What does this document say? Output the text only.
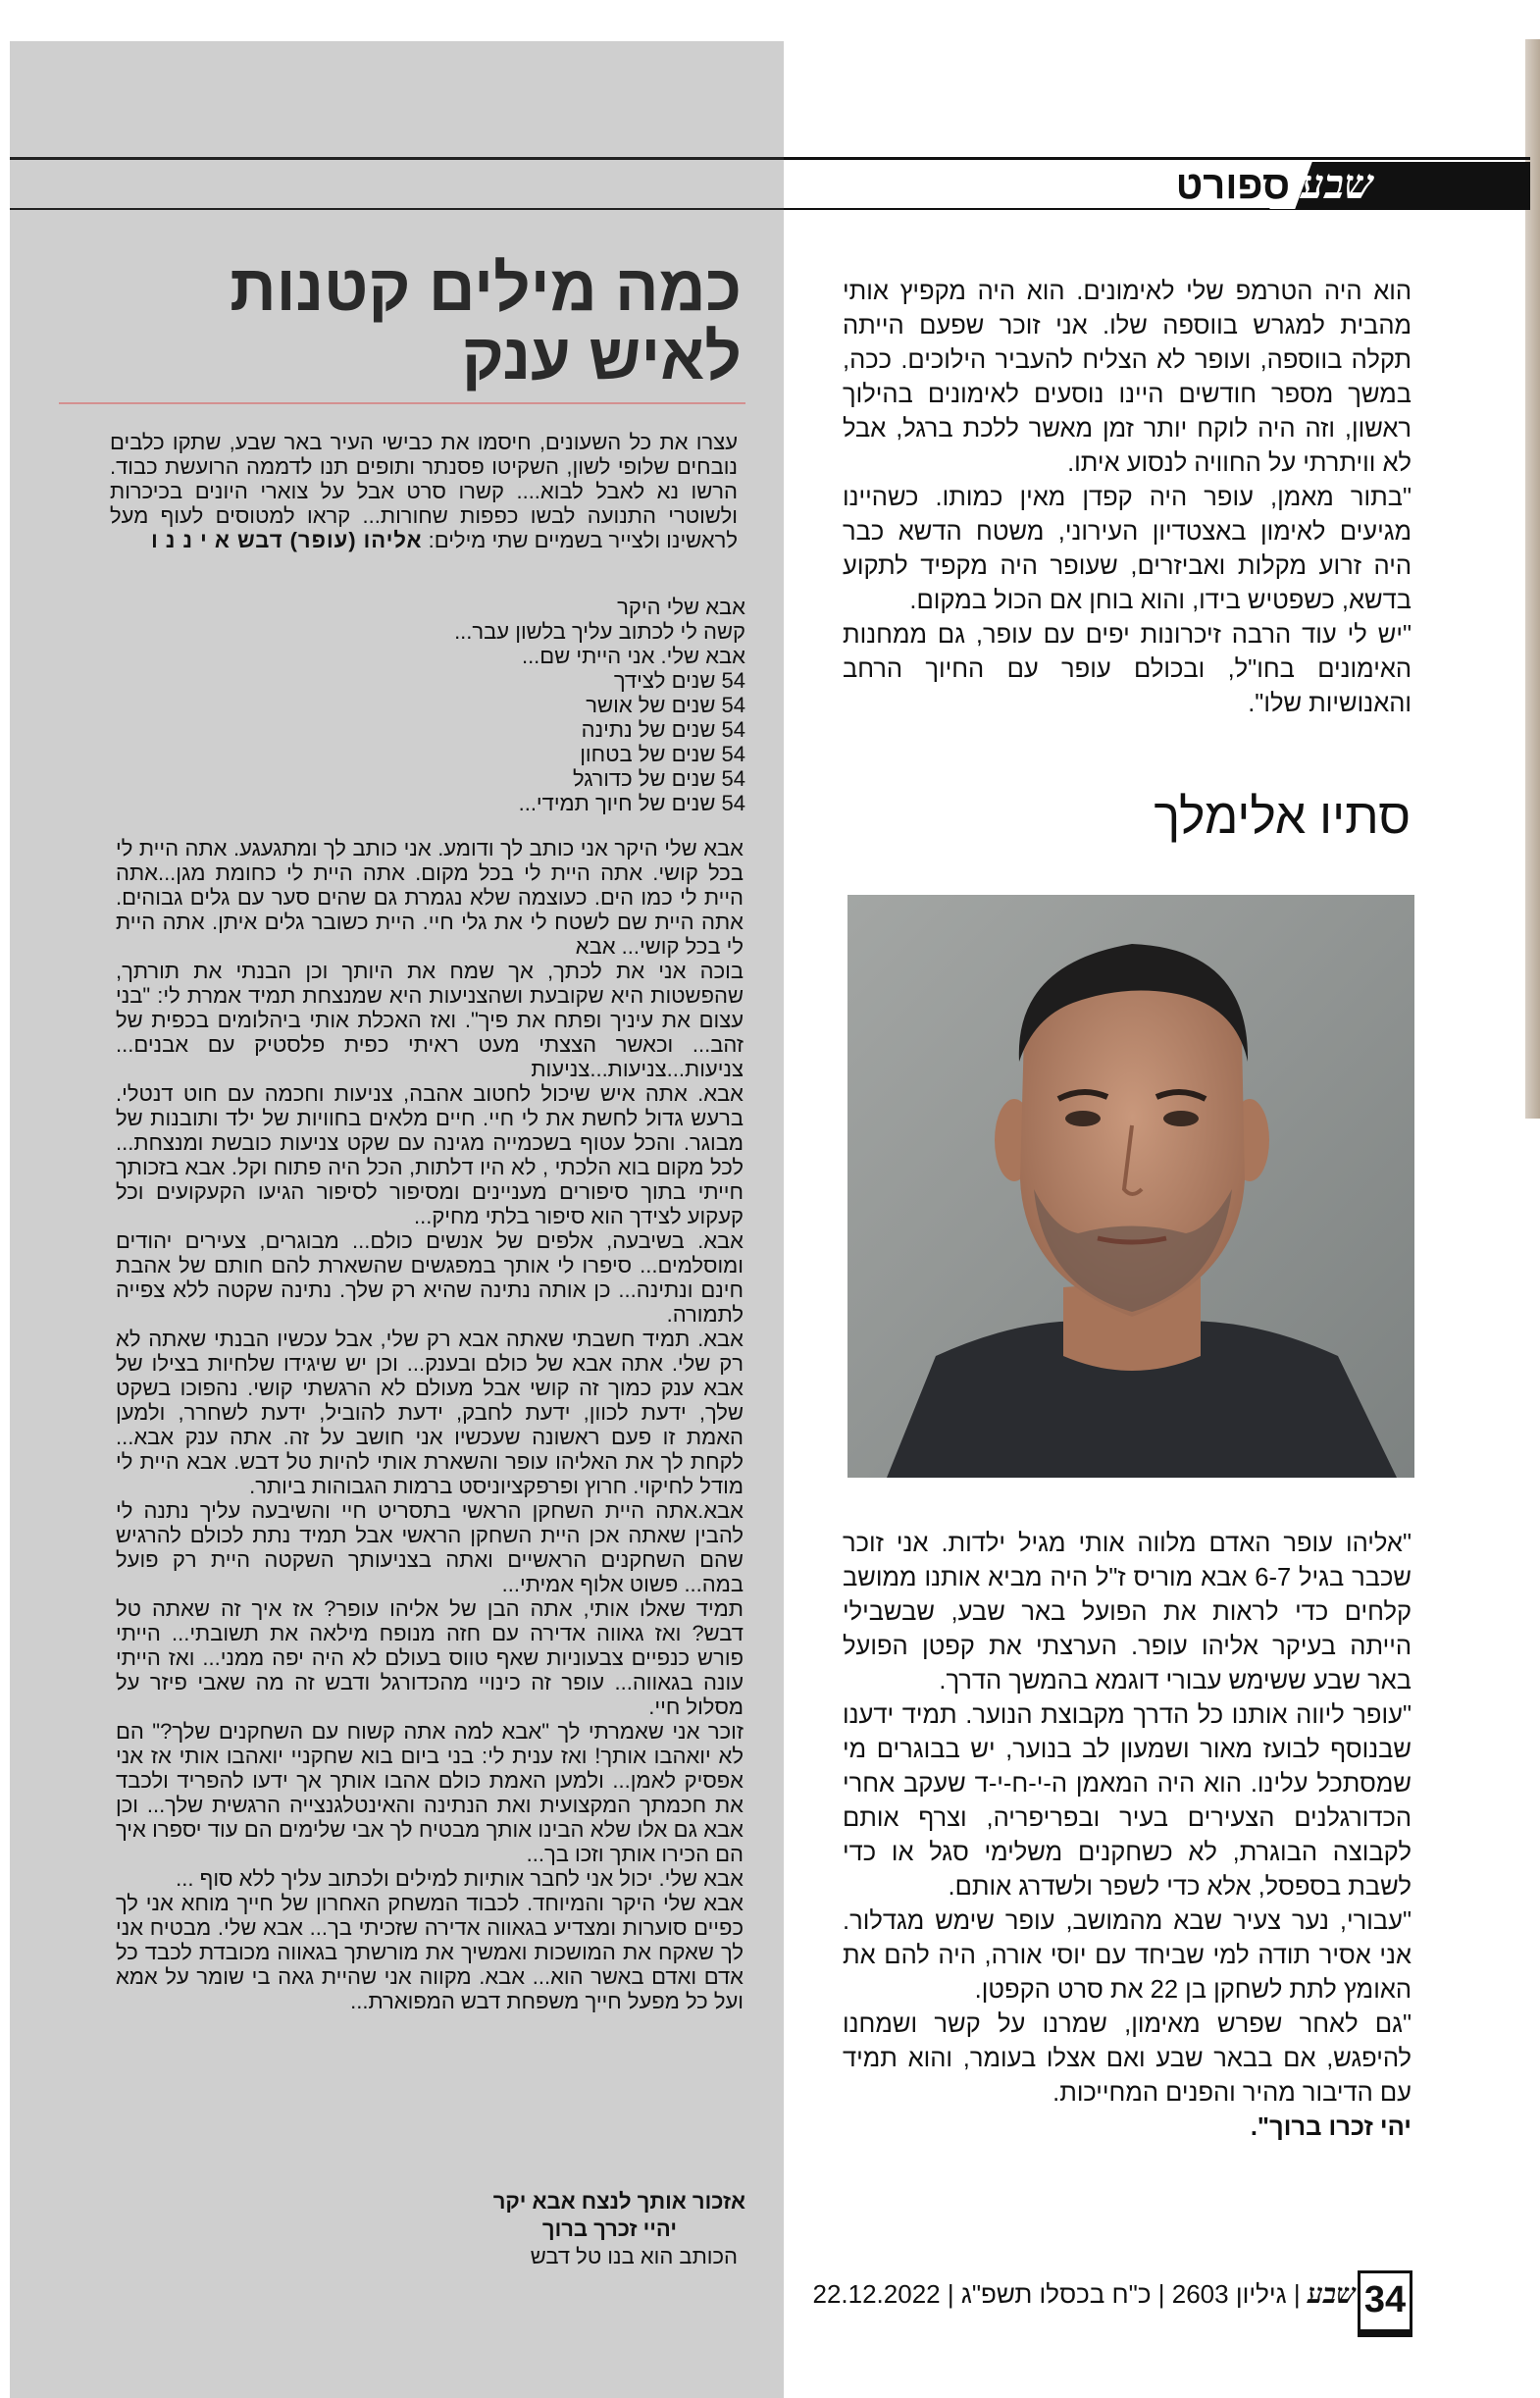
שבע
ספורט

הוא היה הטרמפ שלי לאימונים. הוא היה מקפיץ אותי מהבית למגרש בווספה שלו. אני זוכר שפעם הייתה תקלה בווספה, ועופר לא הצליח להעביר הילוכים. ככה, במשך מספר חודשים היינו נוסעים לאימונים בהילוך ראשון, וזה היה לוקח יותר זמן מאשר ללכת ברגל, אבל לא וויתרתי על החוויה לנסוע איתו.

"בתור מאמן, עופר היה קפדן מאין כמותו. כשהיינו מגיעים לאימון באצטדיון העירוני, משטח הדשא כבר היה זרוע מקלות ואביזרים, שעופר היה מקפיד לתקוע בדשא, כשפטיש בידו, והוא בוחן אם הכול במקום.

"יש לי עוד הרבה זיכרונות יפים עם עופר, גם ממחנות האימונים בחו"ל, ובכולם עופר עם החיוך הרחב והאנושיות שלו".

סתיו אלימלך

"אליהו עופר האדם מלווה אותי מגיל ילדות. אני זוכר שכבר בגיל 6-7 אבא מוריס ז"ל היה מביא אותנו ממושב קלחים כדי לראות את הפועל באר שבע, שבשבילי הייתה בעיקר אליהו עופר. הערצתי את קפטן הפועל באר שבע ששימש עבורי דוגמא בהמשך הדרך.

"עופר ליווה אותנו כל הדרך מקבוצת הנוער. תמיד ידענו שבנוסף לבועז מאור ושמעון לב בנוער, יש בבוגרים מי שמסתכל עלינו. הוא היה המאמן ה-י-ח-י-ד שעקב אחרי הכדורגלנים הצעירים בעיר ובפריפריה, וצרף אותם לקבוצה הבוגרת, לא כשחקנים משלימי סגל או כדי לשבת בספסל, אלא כדי לשפר ולשדרג אותם.

"עבורי, נער צעיר שבא מהמושב, עופר שימש מגדלור. אני אסיר תודה למי שביחד עם יוסי אורה, היה להם את האומץ לתת לשחקן בן 22 את סרט הקפטן.

"גם לאחר שפרש מאימון, שמרנו על קשר ושמחנו להיפגש, אם בבאר שבע ואם אצלו בעומר, והוא תמיד עם הדיבור מהיר והפנים המחייכות.

יהי זכרו ברוך".

34
שבע | גיליון 2603 | כ"ח בכסלו תשפ"ג | 22.12.2022
כמה מילים קטנות
לאיש ענק
עצרו את כל השעונים, חיסמו את כבישי העיר באר שבע, שתקו כלבים נובחים שלופי לשון, השקיטו פסנתר ותופים תנו לדממה הרועשת כבוד. הרשו נא לאבל לבוא.... קשרו סרט אבל על צוארי היונים בכיכרות ולשוטרי התנועה לבשו כפפות שחורות... קראו למטוסים לעוף מעל לראשינו ולצייר בשמיים שתי מילים: אליהו (עופר) דבש א י נ נ ו
אבא שלי היקר
קשה לי לכתוב עליך בלשון עבר...
אבא שלי. אני הייתי שם...
54 שנים לצידך
54 שנים של אושר
54 שנים של נתינה
54 שנים של בטחון
54 שנים של כדורגל
54 שנים של חיוך תמידי...

אבא שלי היקר אני כותב לך ודומע. אני כותב לך ומתגעגע. אתה היית לי בכל קושי. אתה היית לי בכל מקום. אתה היית לי כחומת מגן...אתה היית לי כמו הים. כעוצמה שלא נגמרת גם שהים סער עם גלים גבוהים. אתה היית שם לשטח לי את גלי חיי. היית כשובר גלים איתן. אתה היית לי בכל קושי... אבא

בוכה אני את לכתך, אך שמח את היותך וכן הבנתי את תורתך, שהפשטות היא שקובעת ושהצניעות היא שמנצחת תמיד אמרת לי: "בני עצום את עיניך ופתח את פיך". ואז האכלת אותי ביהלומים בכפית של זהב... וכאשר הצצתי מעט ראיתי כפית פלסטיק עם אבנים... צניעות...צניעות...צניעות

אבא. אתה איש שיכול לחטוב אהבה, צניעות וחכמה עם חוט דנטלי. ברעש גדול לחשת את לי חיי. חיים מלאים בחוויות של ילד ותובנות של מבוגר. והכל עטוף בשכמייה מגינה עם שקט צניעות כובשת ומנצחת... לכל מקום בוא הלכתי , לא היו דלתות, הכל היה פתוח וקל. אבא בזכותך חייתי בתוך סיפורים מעניינים ומסיפור לסיפור הגיעו הקעקועים וכל קעקוע לצידך הוא סיפור בלתי מחיק...

אבא. בשיבעה, אלפים של אנשים כולם... מבוגרים, צעירים יהודים ומוסלמים... סיפרו לי אותך במפגשים שהשארת להם חותם של אהבת חינם ונתינה... כן אותה נתינה שהיא רק שלך. נתינה שקטה ללא צפייה לתמורה.

אבא. תמיד חשבתי שאתה אבא רק שלי, אבל עכשיו הבנתי שאתה לא רק שלי. אתה אבא של כולם ובענק... וכן יש שיגידו שלחיות בצילו של אבא ענק כמוך זה קושי אבל מעולם לא הרגשתי קושי. נהפוכו בשקט שלך, ידעת לכוון, ידעת לחבק, ידעת להוביל, ידעת לשחרר, ולמען האמת זו פעם ראשונה שעכשיו אני חושב על זה. אתה ענק אבא... לקחת לך את האליהו עופר והשארת אותי להיות טל דבש. אבא היית לי מודל לחיקוי. חרוץ ופרפקציוניסט ברמות הגבוהות ביותר.

אבא.אתה היית השחקן הראשי בתסריט חיי והשיבעה עליך נתנה לי להבין שאתה אכן היית השחקן הראשי אבל תמיד נתת לכולם להרגיש שהם השחקנים הראשיים ואתה בצניעותך השקטה היית רק פועל במה... פשוט אלוף אמיתי...

תמיד שאלו אותי, אתה הבן של אליהו עופר? אז איך זה שאתה טל דבש? ואז גאווה אדירה עם חזה מנופח מילאה את תשובתי... הייתי פורש כנפיים צבעוניות שאף טווס בעולם לא היה יפה ממני... ואז הייתי עונה בגאווה... עופר זה כינויי מהכדורגל ודבש זה מה שאבי פיזר על מסלול חיי.

זוכר אני שאמרתי לך "אבא למה אתה קשוח עם השחקנים שלך?" הם לא יואהבו אותך! ואז ענית לי: בני ביום בוא שחקניי יואהבו אותי אז אני אפסיק לאמן... ולמען האמת כולם אהבו אותך אך ידעו להפריד ולכבד את חכמתך המקצועית ואת הנתינה והאינטלגנצייה הרגשית שלך... וכן אבא גם אלו שלא הבינו אותך מבטיח לך אבי שלימים הם עוד יספרו איך הם הכירו אותך וזכו בך...

אבא שלי. יכול אני לחבר אותיות למילים ולכתוב עליך ללא סוף ...

אבא שלי היקר והמיוחד. לכבוד המשחק האחרון של חייך מוחא אני לך כפיים סוערות ומצדיע בגאווה אדירה שזכיתי בך... אבא שלי. מבטיח אני לך שאקח את המושכות ואמשיך את מורשתך בגאווה מכובדת לכבד כל אדם ואדם באשר הוא... אבא. מקווה אני שהיית גאה בי שומר על אמא ועל כל מפעל חייך משפחת דבש המפוארת...

אזכור אותך לנצח אבא יקר
יהיי זכרך ברוך
הכותב הוא בנו טל דבש
